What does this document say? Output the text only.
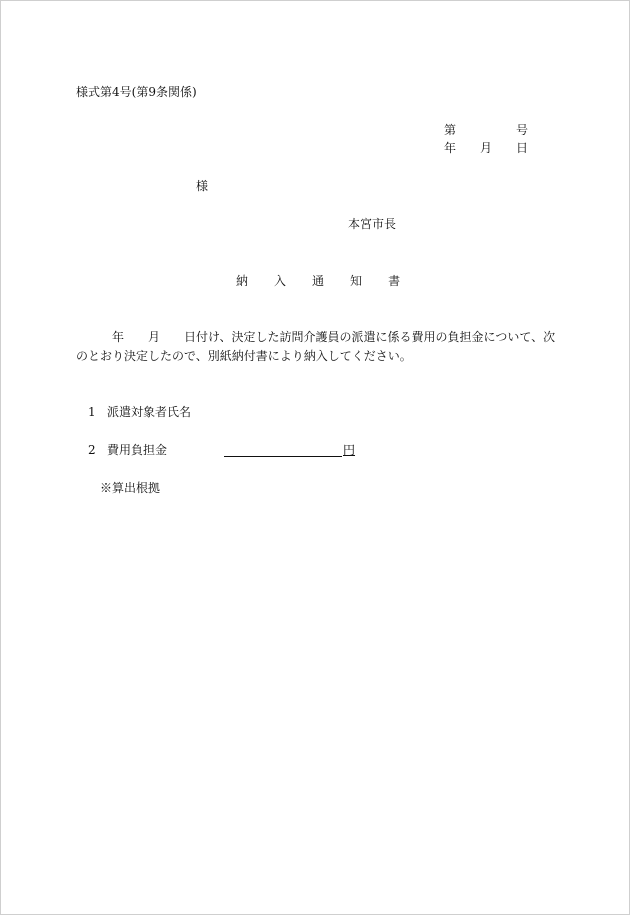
様式第4号(第9条関係)
第	号
年 月 日
様
本宮市長
納 入 通 知 書
年 月 日付け、決定した訪問介護員の派遣に係る費用の負担金について、次
のとおり決定したので、別紙納付書により納入してください。
1 派遣対象者氏名
2 費用負担金	円
※算出根拠
